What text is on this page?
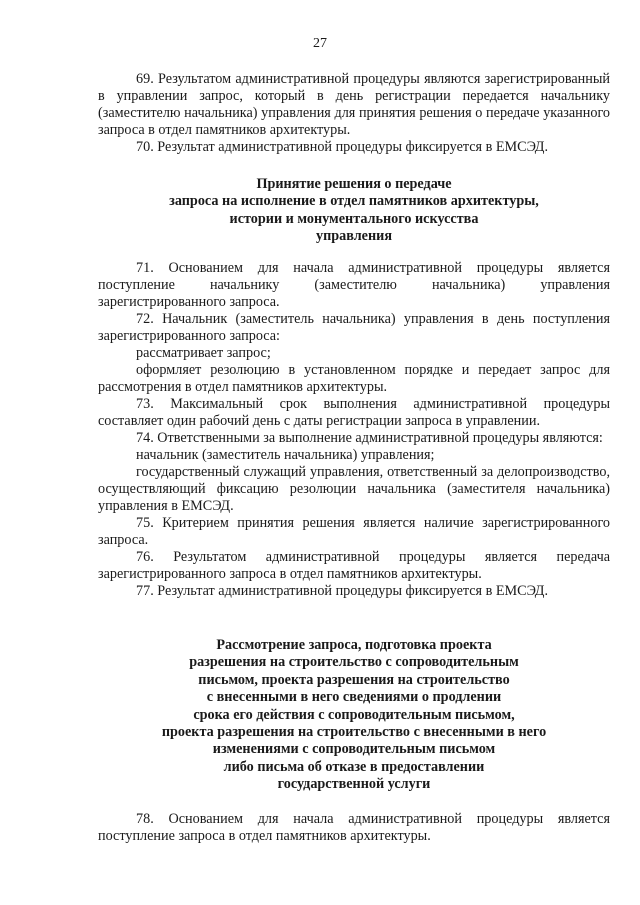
27

69. Результатом административной процедуры являются зарегистрированный в управлении запрос, который в день регистрации передается начальнику (заместителю начальника) управления для принятия решения о передаче указанного запроса в отдел памятников архитектуры.

70. Результат административной процедуры фиксируется в ЕМСЭД.

Принятие решения о передаче
запроса на исполнение в отдел памятников архитектуры,
истории и монументального искусства
управления

71. Основанием для начала административной процедуры является поступление начальнику (заместителю начальника) управления зарегистрированного запроса.

72. Начальник (заместитель начальника) управления в день поступления зарегистрированного запроса:

рассматривает запрос;

оформляет резолюцию в установленном порядке и передает запрос для рассмотрения в отдел памятников архитектуры.

73. Максимальный срок выполнения административной процедуры составляет один рабочий день с даты регистрации запроса в управлении.

74. Ответственными за выполнение административной процедуры являются:

начальник (заместитель начальника) управления;

государственный служащий управления, ответственный за делопроизводство, осуществляющий фиксацию резолюции начальника (заместителя начальника) управления в ЕМСЭД.

75. Критерием принятия решения является наличие зарегистрированного запроса.

76. Результатом административной процедуры является передача зарегистрированного запроса в отдел памятников архитектуры.

77. Результат административной процедуры фиксируется в ЕМСЭД.

Рассмотрение запроса, подготовка проекта
разрешения на строительство с сопроводительным
письмом, проекта разрешения на строительство
с внесенными в него сведениями о продлении
срока его действия с сопроводительным письмом,
проекта разрешения на строительство с внесенными в него
изменениями с сопроводительным письмом
либо письма об отказе в предоставлении
государственной услуги

78. Основанием для начала административной процедуры является поступление запроса в отдел памятников архитектуры.
